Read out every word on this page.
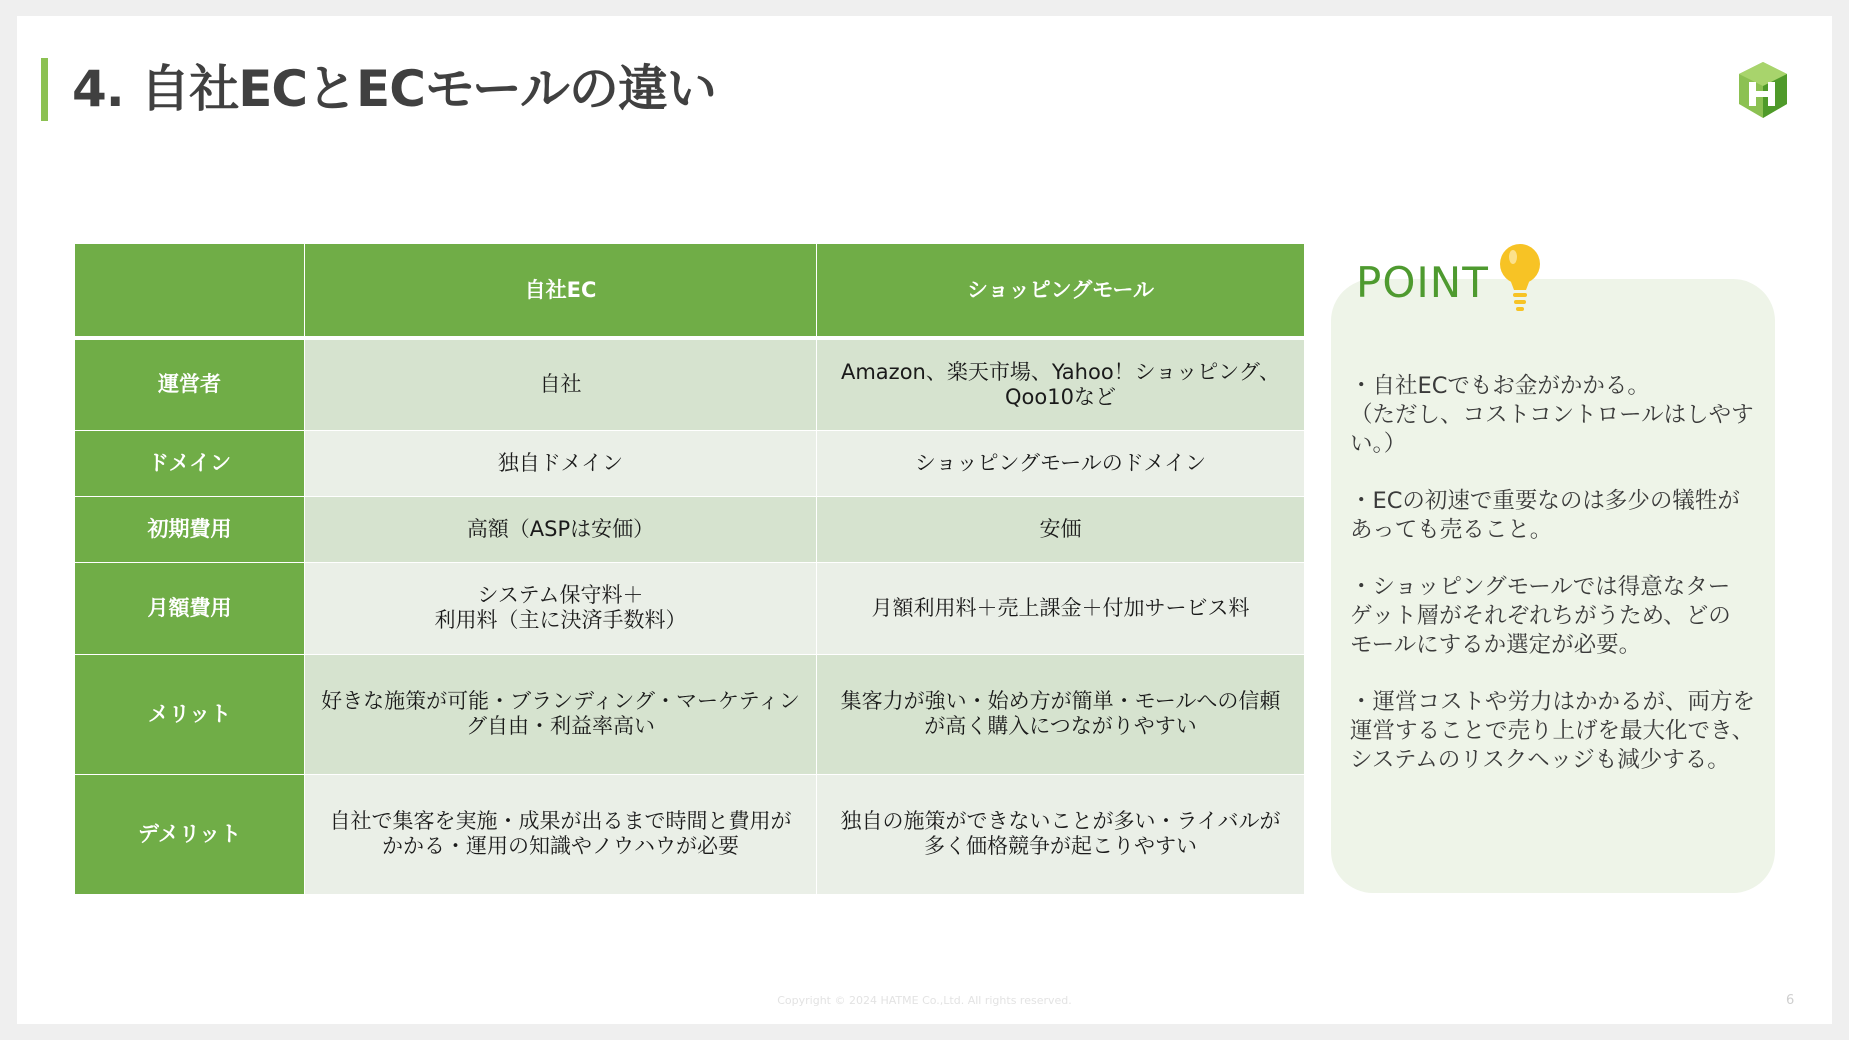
4. 自社ECとECモールの違い
	自社EC	ショッピングモール
運営者	自社	Amazon、楽天市場、Yahoo！ショッピング、
Qoo10など
ドメイン	独自ドメイン	ショッピングモールのドメイン
初期費用	高額（ASPは安価）	安価
月額費用	システム保守料＋
利用料（主に決済手数料）	月額利用料＋売上課金＋付加サービス料
メリット	好きな施策が可能・ブランディング・マーケティン
グ自由・利益率高い	集客力が強い・始め方が簡単・モールへの信頼
が高く購入につながりやすい
デメリット	自社で集客を実施・成果が出るまで時間と費用が
かかる・運用の知識やノウハウが必要	独自の施策ができないことが多い・ライバルが
多く価格競争が起こりやすい
POINT

・自社ECでもお金がかかる。
（ただし、コストコントロールはしやす
い。）

・ECの初速で重要なのは多少の犠牲が
あっても売ること。

・ショッピングモールでは得意なター
ゲット層がそれぞれちがうため、どの
モールにするか選定が必要。

・運営コストや労力はかかるが、両方を
運営することで売り上げを最大化でき、
システムのリスクヘッジも減少する。

Copyright © 2024 HATME Co.,Ltd. All rights reserved.	6
